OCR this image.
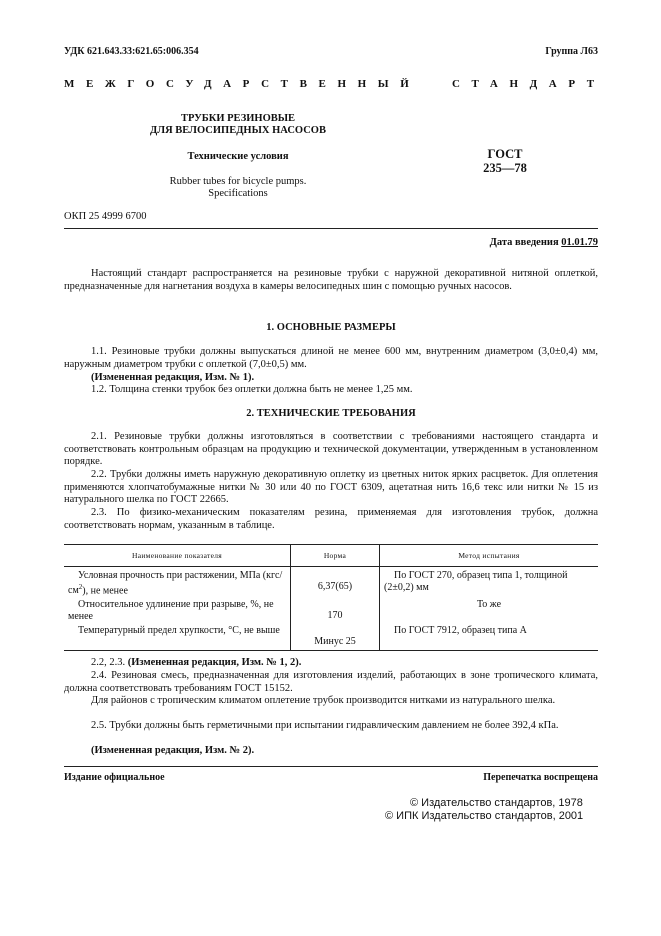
УДК 621.643.33:621.65:006.354	Группа Л63
МЕЖГОСУДАРСТВЕННЫЙ	СТАНДАРТ
ТРУБКИ РЕЗИНОВЫЕ
ДЛЯ ВЕЛОСИПЕДНЫХ НАСОСОВ
Технические условия
Rubber tubes for bicycle pumps.
Specifications
ГОСТ
235—78
ОКП 25 4999 6700
Дата введения 01.01.79
Настоящий стандарт распространяется на резиновые трубки с наружной декоративной нитяной оплеткой, предназначенные для нагнетания воздуха в камеры велосипедных шин с помощью ручных насосов.
1. ОСНОВНЫЕ РАЗМЕРЫ
1.1. Резиновые трубки должны выпускаться длиной не менее 600 мм, внутренним диаметром (3,0±0,4) мм, наружным диаметром трубки с оплеткой (7,0±0,5) мм.
(Измененная редакция, Изм. № 1).
1.2. Толщина стенки трубок без оплетки должна быть не менее 1,25 мм.
2. ТЕХНИЧЕСКИЕ ТРЕБОВАНИЯ
2.1. Резиновые трубки должны изготовляться в соответствии с требованиями настоящего стандарта и соответствовать контрольным образцам на продукцию и технической документации, утвержденным в установленном порядке.
2.2. Трубки должны иметь наружную декоративную оплетку из цветных ниток ярких расцветок. Для оплетения применяются хлопчатобумажные нитки № 30 или 40 по ГОСТ 6309, ацетатная нить 16,6 текс или нитки № 15 из натурального шелка по ГОСТ 22665.
2.3. По физико-механическим показателям резина, применяемая для изготовления трубок, должна соответствовать нормам, указанным в таблице.
Наименование показателя	Норма	Метод испытания
Условная прочность при растяжении, МПа $(кгс/см^2)$, не менее	6,37(65)	По ГОСТ 270, образец типа 1, толщиной (2±0,2) мм
Относительное удлинение при разрыве, %, не менее	170	То же
Температурный предел хрупкости, °С, не выше	Минус 25	По ГОСТ 7912, образец типа А
2.2, 2.3. (Измененная редакция, Изм. № 1, 2).
2.4. Резиновая смесь, предназначенная для изготовления изделий, работающих в зоне тропического климата, должна соответствовать требованиям ГОСТ 15152.
Для районов с тропическим климатом оплетение трубок производится нитками из натурального шелка.
2.5. Трубки должны быть герметичными при испытании гидравлическим давлением не более 392,4 кПа.
(Измененная редакция, Изм. № 2).
Издание официальное	Перепечатка воспрещена
© Издательство стандартов, 1978
© ИПК Издательство стандартов, 2001
